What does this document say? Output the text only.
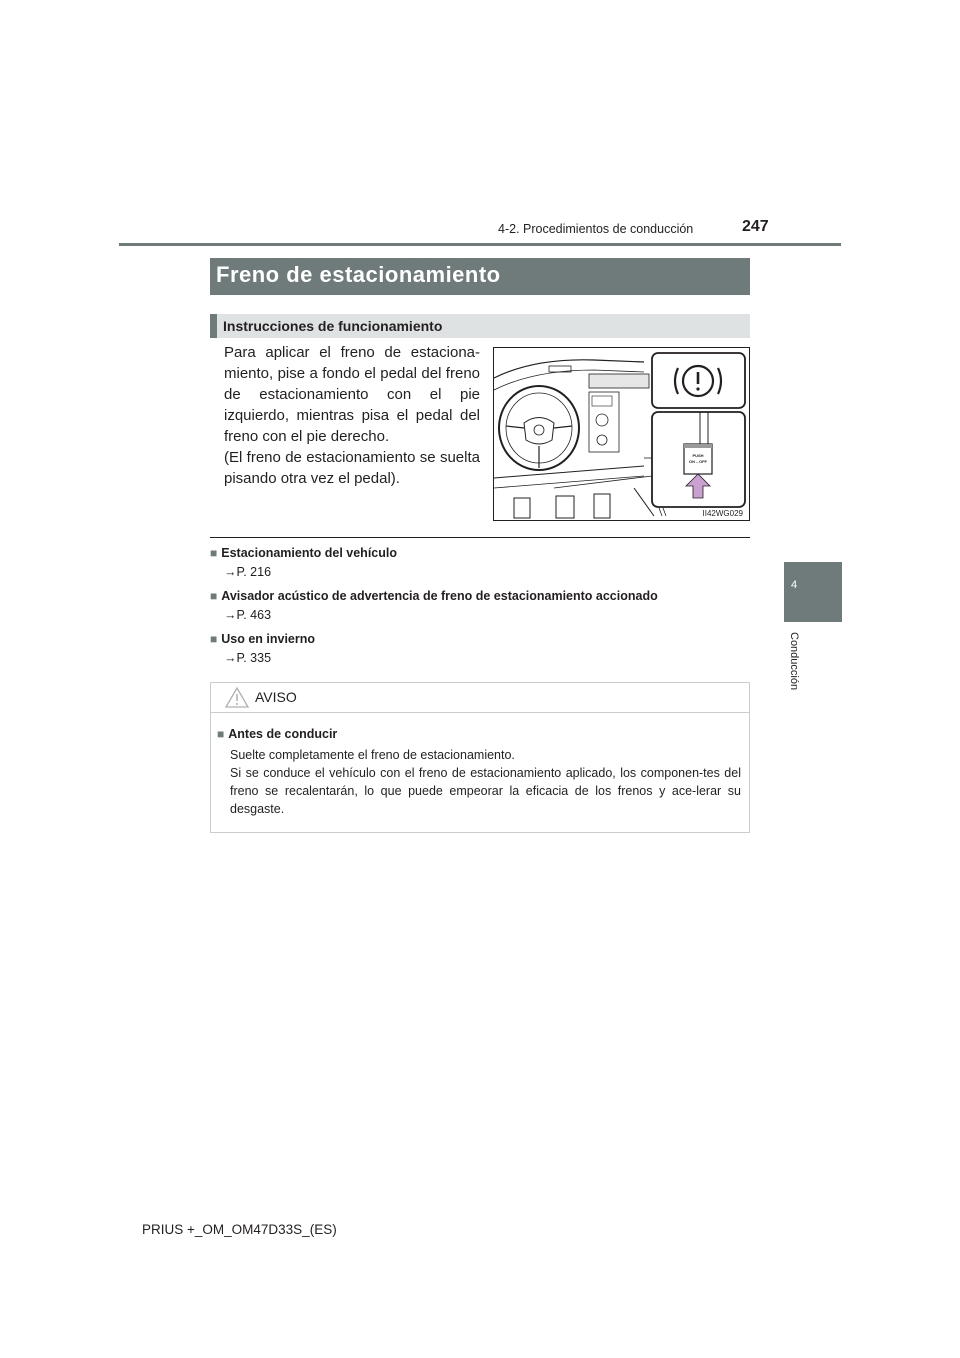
4-2. Procedimientos de conducción	247
4
Conducción
Freno de estacionamiento
Instrucciones de funcionamiento

Para aplicar el freno de estaciona-miento, pise a fondo el pedal del freno de estacionamiento con el pie izquierdo, mientras pisa el pedal del freno con el pie derecho.

(El freno de estacionamiento se suelta pisando otra vez el pedal).

PUSH
ON↔OFF
II42WG029
■ Estacionamiento del vehículo
→P. 216
■ Avisador acústico de advertencia de freno de estacionamiento accionado
→P. 463
■ Uso en invierno
→P. 335
AVISO
■ Antes de conducir
Suelte completamente el freno de estacionamiento.
Si se conduce el vehículo con el freno de estacionamiento aplicado, los componen-tes del freno se recalentarán, lo que puede empeorar la eficacia de los frenos y ace-lerar su desgaste.
PRIUS +_OM_OM47D33S_(ES)
